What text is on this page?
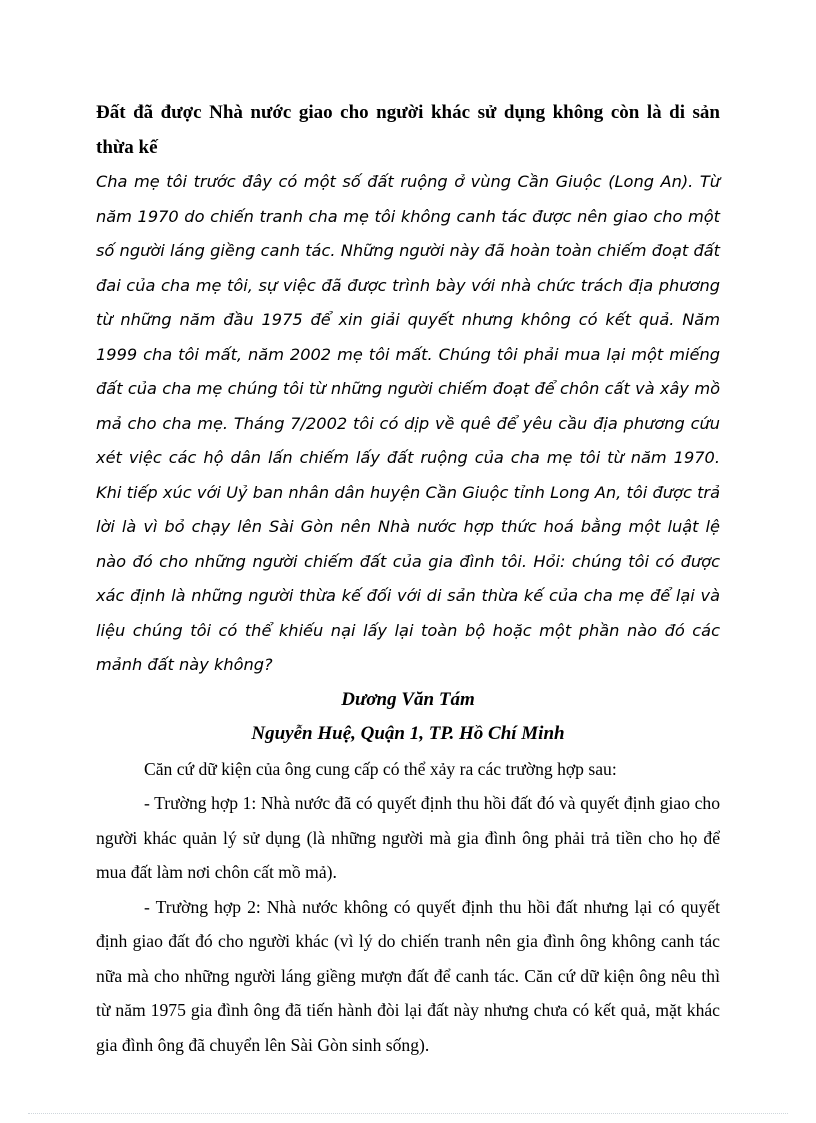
Đất đã được Nhà nước giao cho người khác sử dụng không còn là di sản thừa kế

Cha mẹ tôi trước đây có một số đất ruộng ở vùng Cần Giuộc (Long An). Từ năm 1970 do chiến tranh cha mẹ tôi không canh tác được nên giao cho một số người láng giềng canh tác. Những người này đã hoàn toàn chiếm đoạt đất đai của cha mẹ tôi, sự việc đã được trình bày với nhà chức trách địa phương từ những năm đầu 1975 để xin giải quyết nhưng không có kết quả. Năm 1999 cha tôi mất, năm 2002 mẹ tôi mất. Chúng tôi phải mua lại một miếng đất của cha mẹ chúng tôi từ những người chiếm đoạt để chôn cất và xây mồ mả cho cha mẹ. Tháng 7/2002 tôi có dịp về quê để yêu cầu địa phương cứu xét việc các hộ dân lấn chiếm lấy đất ruộng của cha mẹ tôi từ năm 1970. Khi tiếp xúc với Uỷ ban nhân dân huyện Cần Giuộc tỉnh Long An, tôi được trả lời là vì bỏ chạy lên Sài Gòn nên Nhà nước hợp thức hoá bằng một luật lệ nào đó cho những người chiếm đất của gia đình tôi. Hỏi: chúng tôi có được xác định là những người thừa kế đối với di sản thừa kế của cha mẹ để lại và liệu chúng tôi có thể khiếu nại lấy lại toàn bộ hoặc một phần nào đó các mảnh đất này không?

Dương Văn Tám

Nguyễn Huệ, Quận 1, TP. Hồ Chí Minh

Căn cứ dữ kiện của ông cung cấp có thể xảy ra các trường hợp sau:

- Trường hợp 1: Nhà nước đã có quyết định thu hồi đất đó và quyết định giao cho người khác quản lý sử dụng (là những người mà gia đình ông phải trả tiền cho họ để mua đất làm nơi chôn cất mồ mả).

- Trường hợp 2: Nhà nước không có quyết định thu hồi đất nhưng lại có quyết định giao đất đó cho người khác (vì lý do chiến tranh nên gia đình ông không canh tác nữa mà cho những người láng giềng mượn đất để canh tác. Căn cứ dữ kiện ông nêu thì từ năm 1975 gia đình ông đã tiến hành đòi lại đất này nhưng chưa có kết quả, mặt khác gia đình ông đã chuyển lên Sài Gòn sinh sống).
